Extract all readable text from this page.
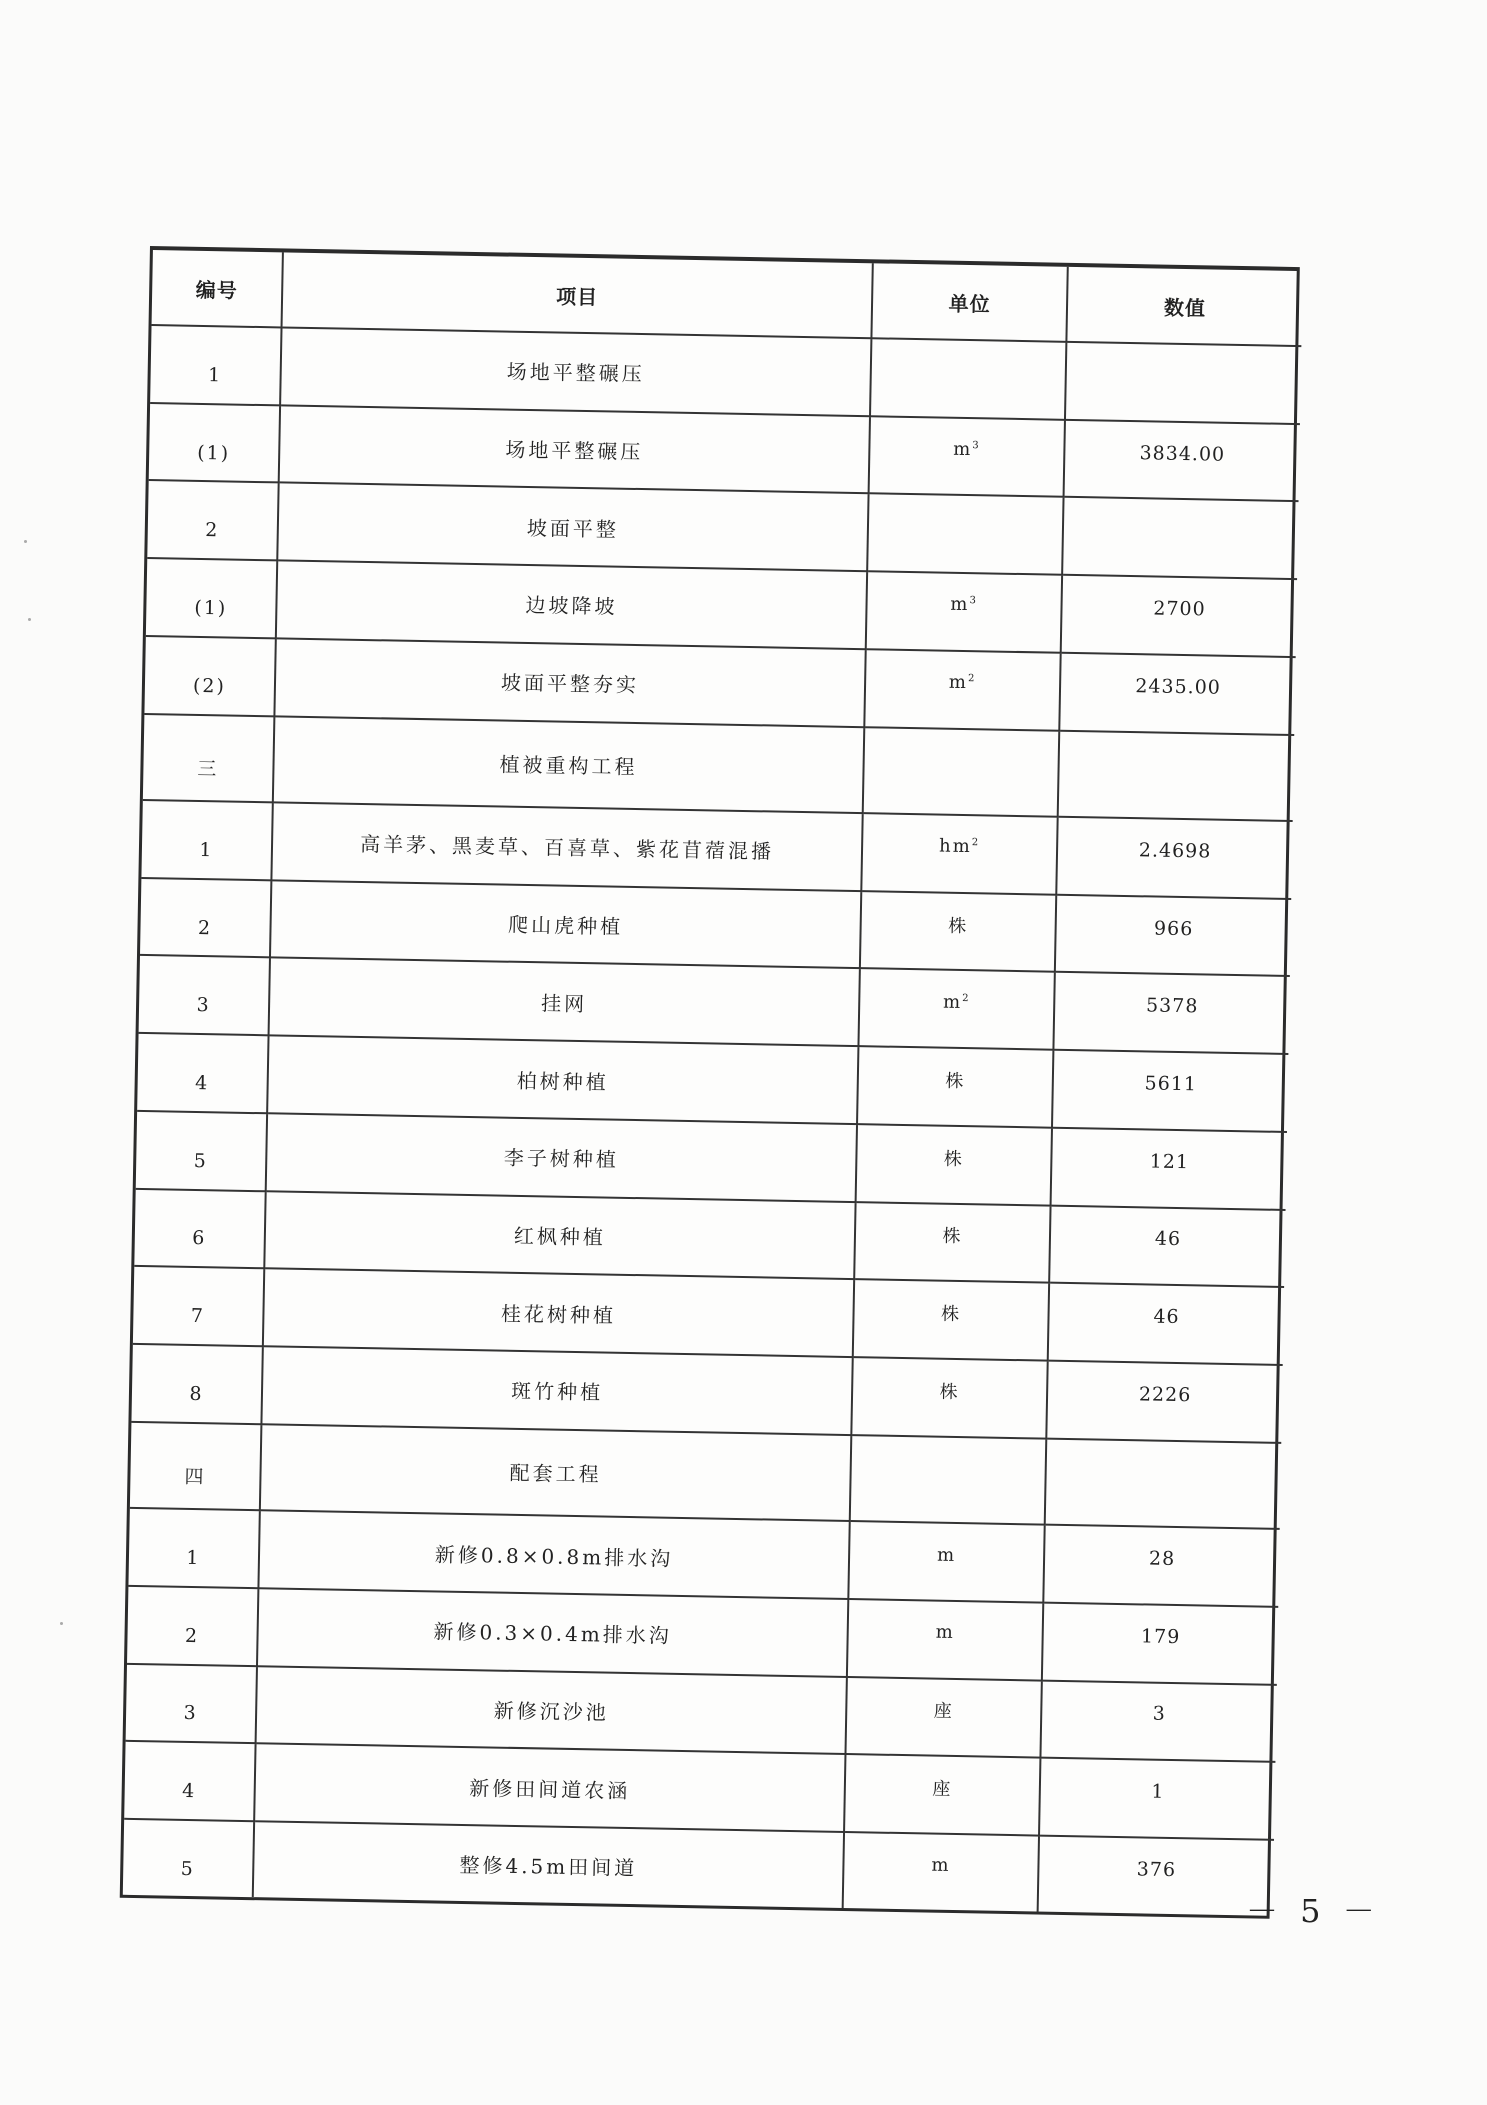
编号	项目	单位	数值
1	场地平整碾压		
(1)	场地平整碾压	$m^3$	3834.00
2	坡面平整		
(1)	边坡降坡	$m^3$	2700
(2)	坡面平整夯实	$m^2$	2435.00
三	植被重构工程		
1	高羊茅、黑麦草、百喜草、紫花苜蓿混播	$hm^2$	2.4698
2	爬山虎种植	株	966
3	挂网	$m^2$	5378
4	柏树种植	株	5611
5	李子树种植	株	121
6	红枫种植	株	46
7	桂花树种植	株	46
8	斑竹种植	株	2226
四	配套工程		
1	新修0.8×0.8m排水沟	m	28
2	新修0.3×0.4m排水沟	m	179
3	新修沉沙池	座	3
4	新修田间道农涵	座	1
5	整修4.5m田间道	m	376
－ 5 －
